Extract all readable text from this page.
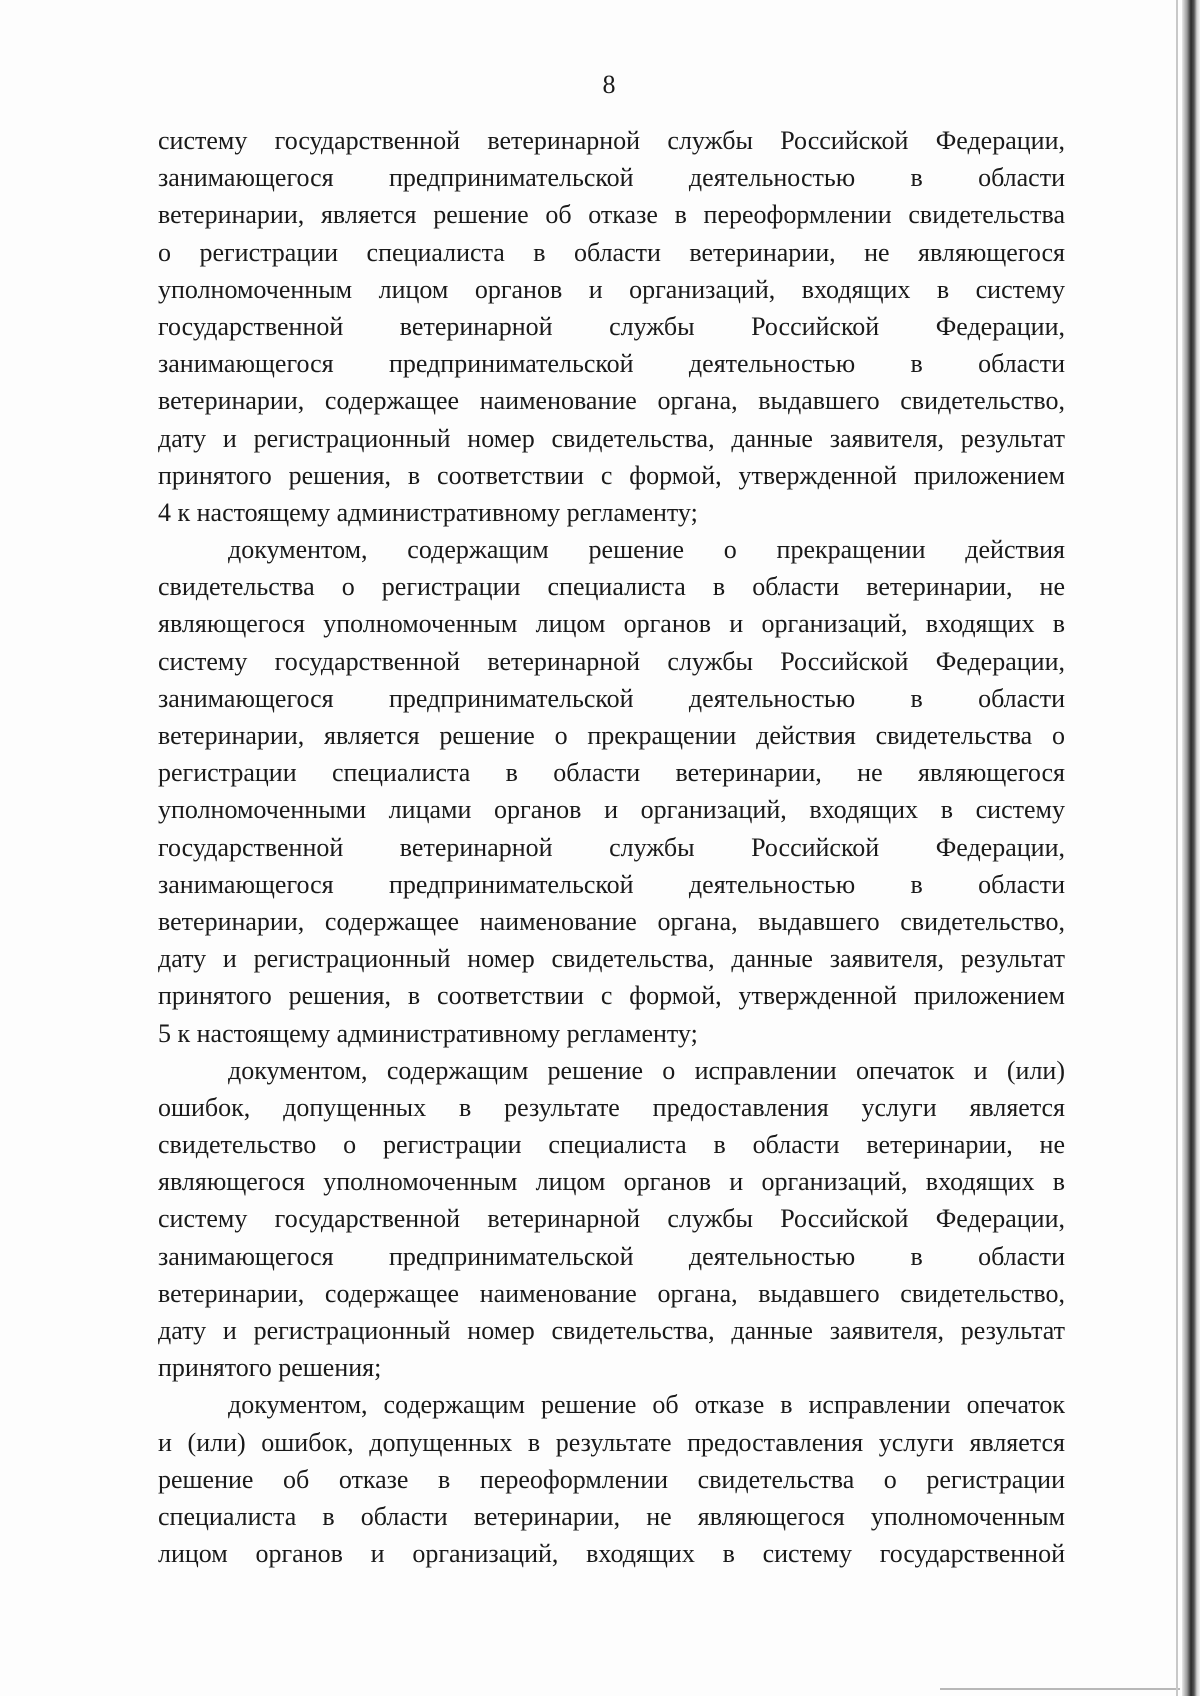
8
систему государственной ветеринарной службы Российской Федерации,
занимающегося предпринимательской деятельностью в области
ветеринарии, является решение об отказе в переоформлении свидетельства
о регистрации специалиста в области ветеринарии, не являющегося
уполномоченным лицом органов и организаций, входящих в систему
государственной ветеринарной службы Российской Федерации,
занимающегося предпринимательской деятельностью в области
ветеринарии, содержащее наименование органа, выдавшего свидетельство,
дату и регистрационный номер свидетельства, данные заявителя, результат
принятого решения, в соответствии с формой, утвержденной приложением
4 к настоящему административному регламенту;
документом, содержащим решение о прекращении действия
свидетельства о регистрации специалиста в области ветеринарии, не
являющегося уполномоченным лицом органов и организаций, входящих в
систему государственной ветеринарной службы Российской Федерации,
занимающегося предпринимательской деятельностью в области
ветеринарии, является решение о прекращении действия свидетельства о
регистрации специалиста в области ветеринарии, не являющегося
уполномоченными лицами органов и организаций, входящих в систему
государственной ветеринарной службы Российской Федерации,
занимающегося предпринимательской деятельностью в области
ветеринарии, содержащее наименование органа, выдавшего свидетельство,
дату и регистрационный номер свидетельства, данные заявителя, результат
принятого решения, в соответствии с формой, утвержденной приложением
5 к настоящему административному регламенту;
документом, содержащим решение о исправлении опечаток и (или)
ошибок, допущенных в результате предоставления услуги является
свидетельство о регистрации специалиста в области ветеринарии, не
являющегося уполномоченным лицом органов и организаций, входящих в
систему государственной ветеринарной службы Российской Федерации,
занимающегося предпринимательской деятельностью в области
ветеринарии, содержащее наименование органа, выдавшего свидетельство,
дату и регистрационный номер свидетельства, данные заявителя, результат
принятого решения;
документом, содержащим решение об отказе в исправлении опечаток
и (или) ошибок, допущенных в результате предоставления услуги является
решение об отказе в переоформлении свидетельства о регистрации
специалиста в области ветеринарии, не являющегося уполномоченным
лицом органов и организаций, входящих в систему государственной
